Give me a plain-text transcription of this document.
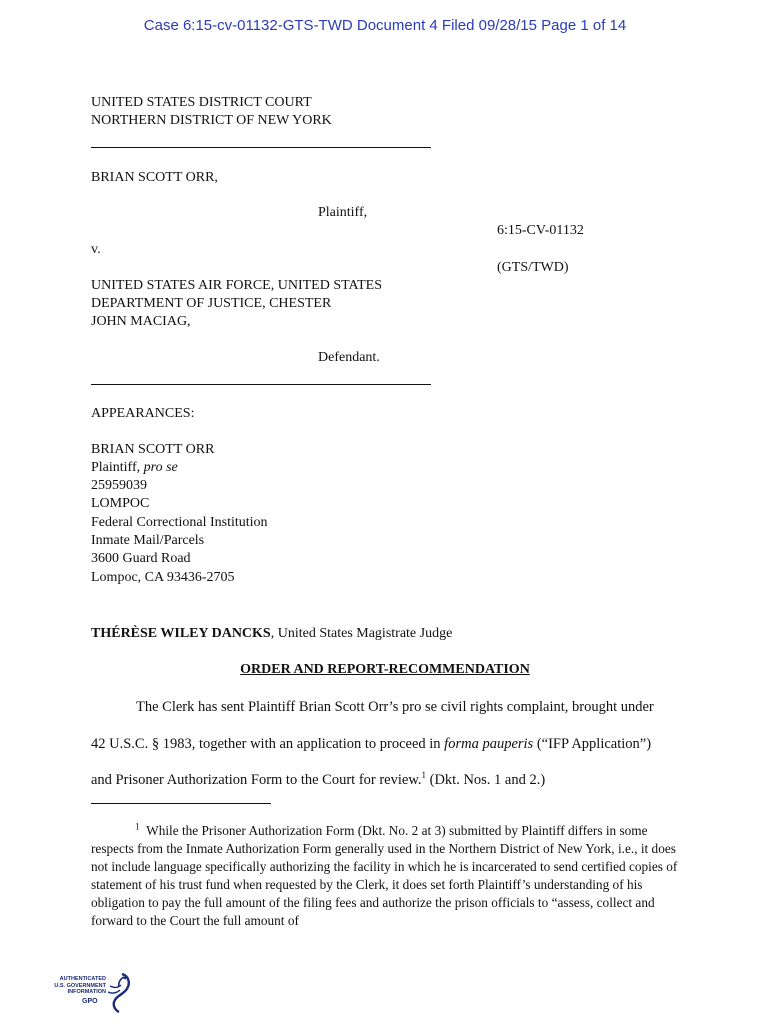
Case 6:15-cv-01132-GTS-TWD Document 4 Filed 09/28/15 Page 1 of 14
UNITED STATES DISTRICT COURT
NORTHERN DISTRICT OF NEW YORK
BRIAN SCOTT ORR,
Plaintiff,
6:15-CV-01132
v.
(GTS/TWD)
UNITED STATES AIR FORCE, UNITED STATES
DEPARTMENT OF JUSTICE, CHESTER
JOHN MACIAG,
Defendant.
APPEARANCES:
BRIAN SCOTT ORR
Plaintiff, pro se
25959039
LOMPOC
Federal Correctional Institution
Inmate Mail/Parcels
3600 Guard Road
Lompoc, CA 93436-2705
THÉRÈSE WILEY DANCKS, United States Magistrate Judge
ORDER AND REPORT-RECOMMENDATION
The Clerk has sent Plaintiff Brian Scott Orr’s pro se civil rights complaint, brought under
42 U.S.C. § 1983, together with an application to proceed in forma pauperis (“IFP Application”)
and Prisoner Authorization Form to the Court for review.$^1$ (Dkt. Nos. 1 and 2.)
$^1$ While the Prisoner Authorization Form (Dkt. No. 2 at 3) submitted by Plaintiff differs in some respects from the Inmate Authorization Form generally used in the Northern District of New York, i.e., it does not include language specifically authorizing the facility in which he is incarcerated to send certified copies of statement of his trust fund when requested by the Clerk, it does set forth Plaintiff’s understanding of his obligation to pay the full amount of the filing fees and authorize the prison officials to “assess, collect and forward to the Court the full amount of
AUTHENTICATED
U.S. GOVERNMENT
INFORMATION
GPO
